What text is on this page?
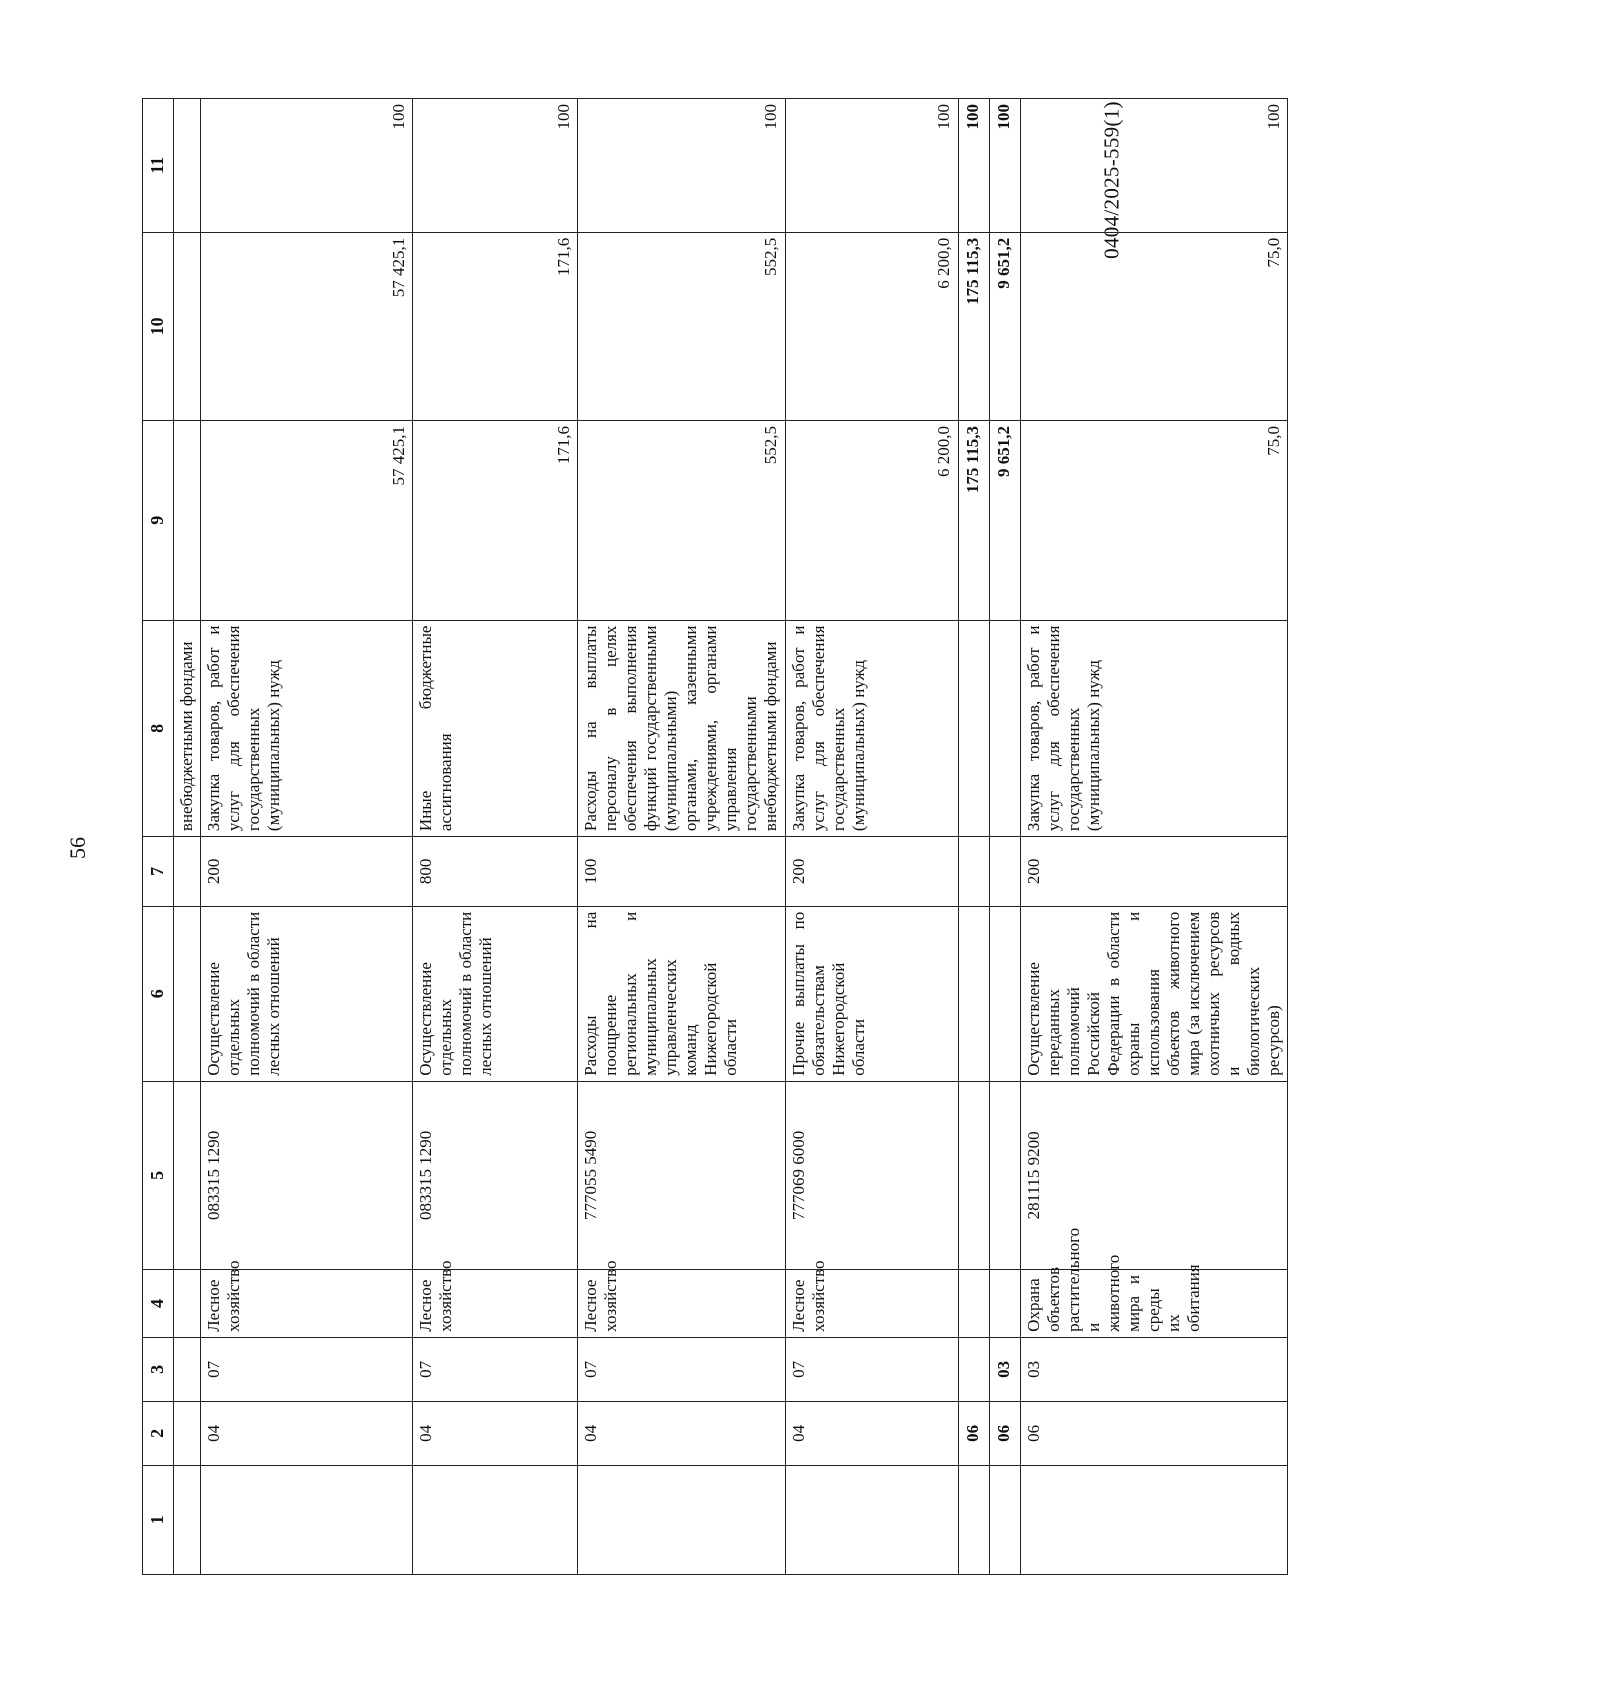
56
0404/2025-559(1)
1	2	3	4	5	6	7	8	9	10	11
							внебюджетными фондами			
	04	07	Лесное хозяйство	083315 1290	Осуществление отдельных полномочий в области лесных отношений	200	Закупка товаров, работ и услуг для обеспечения государственных (муниципальных) нужд	57 425,1	57 425,1	100
	04	07	Лесное хозяйство	083315 1290	Осуществление отдельных полномочий в области лесных отношений	800	Иные бюджетные ассигнования	171,6	171,6	100
	04	07	Лесное хозяйство	777055 5490	Расходы на поощрение региональных и муниципальных управленческих команд Нижегородской области	100	Расходы на выплаты персоналу в целях обеспечения выполнения функций государственными (муниципальными) органами, казенными учреждениями, органами управления государственными внебюджетными фондами	552,5	552,5	100
	04	07	Лесное хозяйство	777069 6000	Прочие выплаты по обязательствам Нижегородской области	200	Закупка товаров, работ и услуг для обеспечения государственных (муниципальных) нужд	6 200,0	6 200,0	100
	06							175 115,3	175 115,3	100
	06	03						9 651,2	9 651,2	100
	06	03	Охрана объектов растительного и животного мира и среды их обитания	281115 9200	Осуществление переданных полномочий Российской Федерации в области охраны и использования объектов животного мира (за исключением охотничьих ресурсов и водных биологических ресурсов)	200	Закупка товаров, работ и услуг для обеспечения государственных (муниципальных) нужд	75,0	75,0	100
